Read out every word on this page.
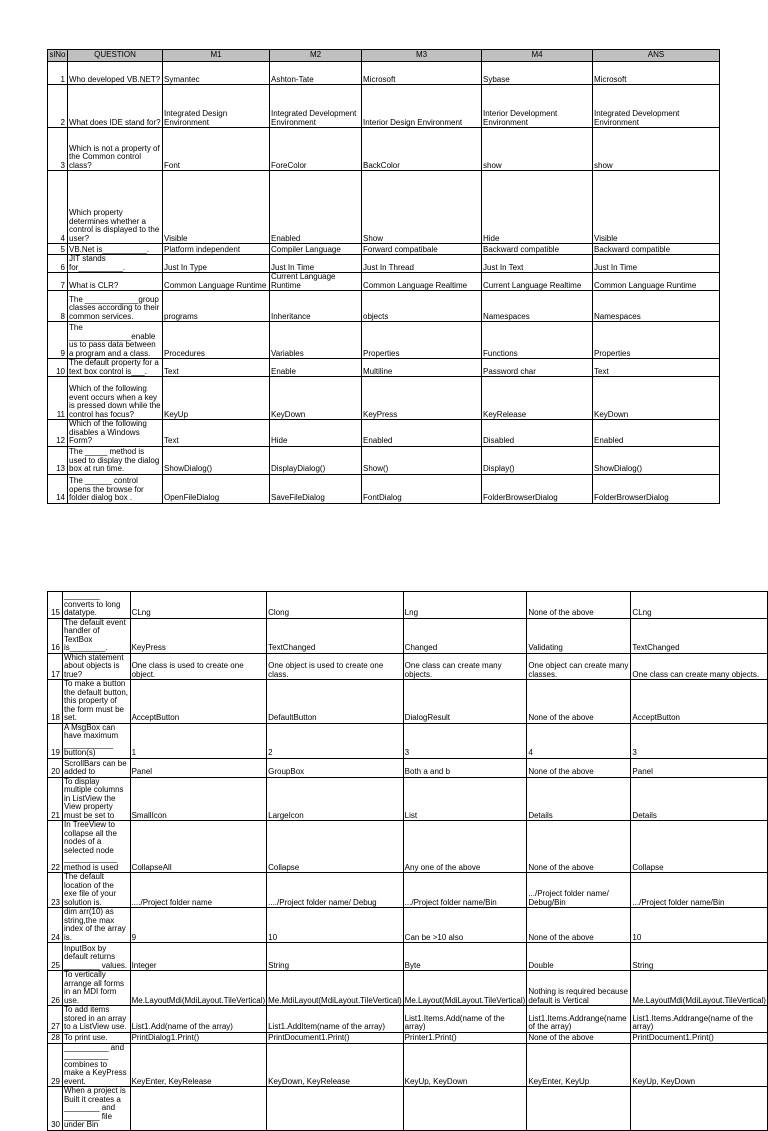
slNo	QUESTION	M1	M2	M3	M4	ANS
1	Who developed VB.NET?	Symantec	Ashton-Tate	Microsoft	Sybase	Microsoft
2	What does IDE stand for?	Integrated Design Environment	Integrated Development Environment	Interior Design Environment	Interior Development Environment	Integrated Development Environment
3	Which is not a property of the Common control class?	Font	ForeColor	BackColor	show	show
4	Which property determines whether a control is displayed to the user?	Visible	Enabled	Show	Hide	Visible
5	VB.Net is__________.	Platform independent	Compiler Language	Forward compatibale	Backward compatible	Backward compatible
6	JIT stands for__________.	Just In Type	Just In Time	Just In Thread	Just In Text	Just In Time
7	What is CLR?	Common Language Runtime	Current Language Runtime	Common Language Realtime	Current Language Realtime	Common Language Runtime
8	The ____________group classes according to their common services.	programs	Inheritance	objects	Namespaces	Namespaces
9	The ______________enable us to pass data between a program and a class.	Procedures	Variables	Properties	Functions	Properties
10	The default property for a text box control is___.	Text	Enable	Multiline	Password char	Text
11	Which of the following event occurs when a key is pressed down while the control has focus?	KeyUp	KeyDown	KeyPress	KeyRelease	KeyDown
12	Which of the following disables a Windows Form?	Text	Hide	Enabled	Disabled	Enabled
13	The _____ method is used to display the dialog box at run time.	ShowDialog()	DisplayDialog()	Show()	Display()	ShowDialog()
14	The ______ control opens the browse for folder dialog box .	OpenFileDialog	SaveFileDialog	FontDialog	FolderBrowserDialog	FolderBrowserDialog
15	________ converts to long datatype.	CLng	Clong	Lng	None of the above	CLng
16	The default event handler of TextBox is________.	KeyPress	TextChanged	Changed	Validating	TextChanged
17	Which statement about objects is true?	One class is used to create one object.	One object is used to create one class.	One class can create many objects.	One object can create many classes.	One class can create many objects.
18	To make a button the default button, this property of the form must be set.	AcceptButton	DefaultButton	DialogResult	None of the above	AcceptButton
19	A MsgBox can have maximum ___________ button(s)	1	2	3	4	3
20	ScrollBars can be added to	Panel	GroupBox	Both a and b	None of the above	Panel
21	To display multiple columns in ListView the View property must be set to	SmallIcon	LargeIcon	List	Details	Details
22	In TreeView to collapse all the nodes of a selected node ____________ method is used	CollapseAll	Collapse	Any one of the above	None of the above	Collapse
23	The default location of the exe file of your solution is.	..../Project folder name	..../Project folder name/ Debug	.../Project folder name/Bin	.../Project folder name/ Debug/Bin	.../Project folder name/Bin
24	dim arr(10) as string,the max index of the array is.	9	10	Can be >10 also	None of the above	10
25	InputBox by default returns ________ values.	Integer	String	Byte	Double	String
26	To vertically arrange all forms in an MDI form use.	Me.LayoutMdi(MdiLayout.TileVertical)	Me.MdiLayout(MdiLayout.TileVertical)	Me.Layout(MdiLayout.TileVertical)	Nothing is required because default is Vertical	Me.LayoutMdi(MdiLayout.TileVertical)
27	To add items stored in an array to a ListView use.	List1.Add(name of the array)	List1.AddItem(name of the array)	List1.Items.Add(name of the array)	List1.Items.Addrange(name of the array)	List1.Items.Addrange(name of the array)
28	To print use.	PrintDialog1.Print()	PrintDocument1.Print()	Printer1.Print()	None of the above	PrintDocument1.Print()
29	__________ and __________ combines to make a KeyPress event.	KeyEnter, KeyRelease	KeyDown, KeyRelease	KeyUp, KeyDown	KeyEnter, KeyUp	KeyUp, KeyDown
30	When a project is Built it creates a ________ and ________ file under Bin					
